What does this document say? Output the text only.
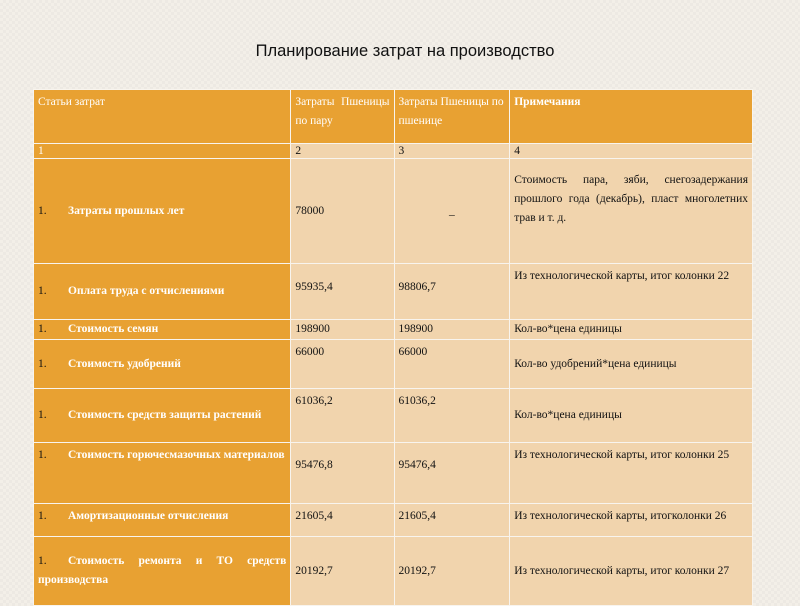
Планирование затрат на производство
Статьи затрат	Затраты Пшеницы по пару	Затраты Пшеницы по пшенице	Примечания
1	2	3	4
1. Затраты прошлых лет	78000	_	Стоимость пара, зяби, снегозадержания прошлого года (декабрь), пласт многолетних трав и т. д.
1. Оплата труда с отчислениями	95935,4	98806,7	Из технологической карты, итог колонки 22
1. Стоимость семян	198900	198900	Кол-во*цена единицы
1. Стоимость удобрений	66000	66000	Кол-во удобрений*цена единицы
1. Стоимость средств защиты растений	61036,2	61036,2	Кол-во*цена единицы
1. Стоимость горючесмазочных материалов	95476,8	95476,4	Из технологической карты, итог колонки 25
1. Амортизационные отчисления	21605,4	21605,4	Из технологической карты, итогколонки 26
1. Стоимость ремонта и ТО средств производства	20192,7	20192,7	Из технологической карты, итог колонки 27
